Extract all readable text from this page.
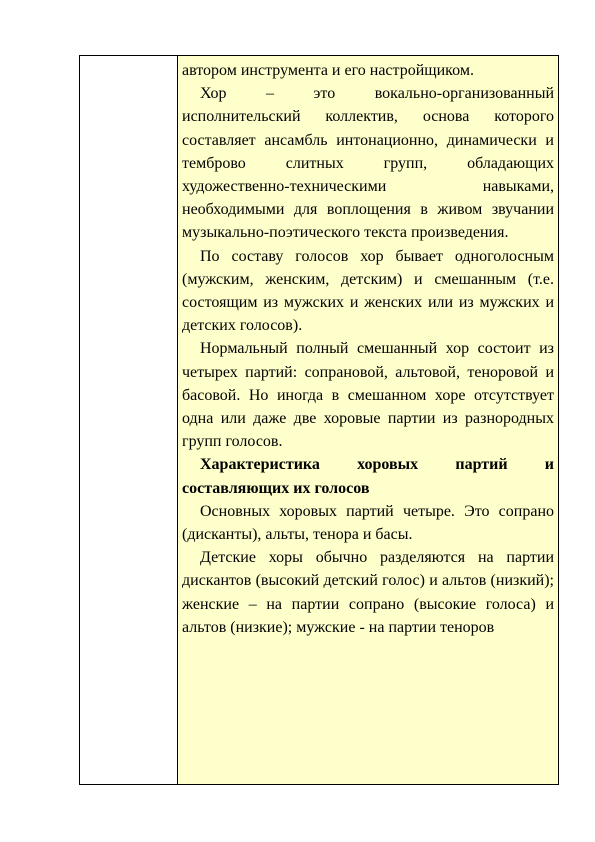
автором инструмента и его настройщиком.

Хор – это вокально-организованный исполнительский коллектив, основа которого составляет ансамбль интонационно, динамически и темброво слитных групп, обладающих художественно-техническими навыками, необходимыми для воплощения в живом звучании музыкально-поэтического текста произведения.

По составу голосов хор бывает одноголосным (мужским, женским, детским) и смешанным (т.е. состоящим из мужских и женских или из мужских и детских голосов).

Нормальный полный смешанный хор состоит из четырех партий: сопрановой, альтовой, теноровой и басовой. Но иногда в смешанном хоре отсутствует одна или даже две хоровые партии из разнородных групп голосов.

Характеристика хоровых партий и составляющих их голосов

Основных хоровых партий четыре. Это сопрано (дисканты), альты, тенора и басы.

Детские хоры обычно разделяются на партии дискантов (высокий детский голос) и альтов (низкий); женские – на партии сопрано (высокие голоса) и альтов (низкие); мужские - на партии теноров
